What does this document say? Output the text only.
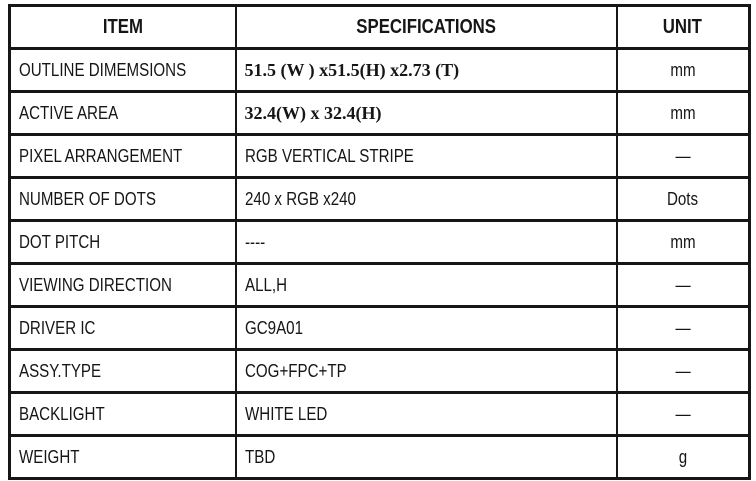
ITEM	SPECIFICATIONS	UNIT
OUTLINE DIMEMSIONS	51.5 (W ) x51.5(H) x2.73 (T)	mm
ACTIVE AREA	32.4(W) x 32.4(H)	mm
PIXEL ARRANGEMENT	RGB VERTICAL STRIPE	—
NUMBER OF DOTS	240 x RGB x240	Dots
DOT PITCH	----	mm
VIEWING DIRECTION	ALL,H	—
DRIVER IC	GC9A01	—
ASSY.TYPE	COG+FPC+TP	—
BACKLIGHT	WHITE LED	—
WEIGHT	TBD	g
